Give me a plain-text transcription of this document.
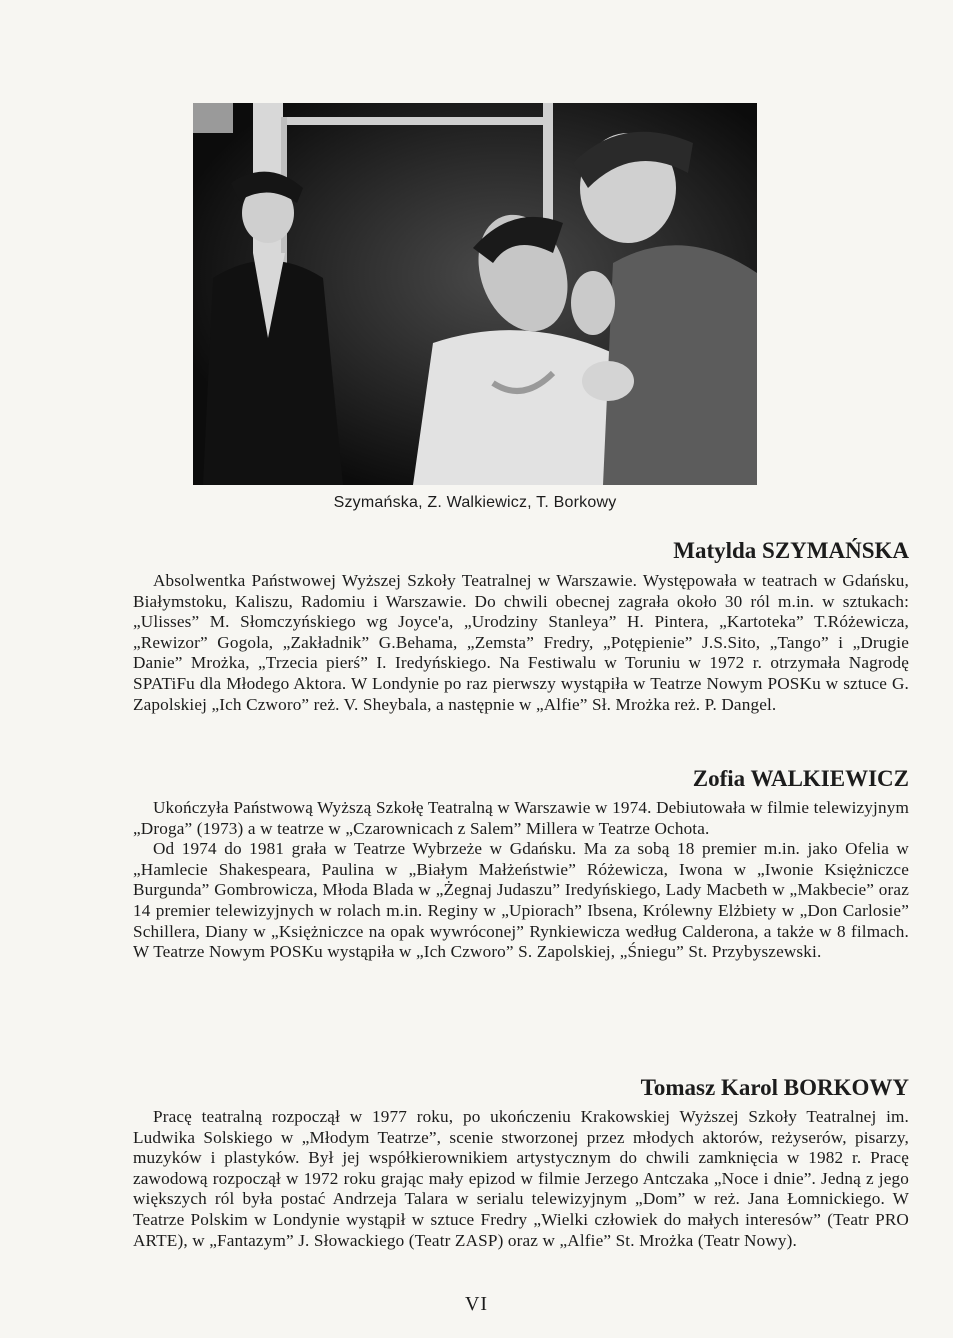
Szymańska, Z. Walkiewicz, T. Borkowy
Matylda SZYMAŃSKA

Absolwentka Państwowej Wyższej Szkoły Teatralnej w Warszawie. Występowała w teatrach w Gdańsku, Białymstoku, Kaliszu, Radomiu i Warszawie. Do chwili obecnej zagrała około 30 ról m.in. w sztukach: „Ulisses” M. Słomczyńskiego wg Joyce'a, „Urodziny Stanleya” H. Pintera, „Kartoteka” T.Różewicza, „Rewizor” Gogola, „Zakładnik” G.Behama, „Zemsta” Fredry, „Potępienie” J.S.Sito, „Tango” i „Drugie Danie” Mrożka, „Trzecia pierś” I. Iredyńskiego. Na Festiwalu w Toruniu w 1972 r. otrzymała Nagrodę SPATiFu dla Młodego Aktora. W Londynie po raz pierwszy wystąpiła w Teatrze Nowym POSKu w sztuce G. Zapolskiej „Ich Czworo” reż. V. Sheybala, a następnie w „Alfie” Sł. Mrożka reż. P. Dangel.

Zofia WALKIEWICZ

Ukończyła Państwową Wyższą Szkołę Teatralną w Warszawie w 1974. Debiutowała w filmie telewizyjnym „Droga” (1973) a w teatrze w „Czarownicach z Salem” Millera w Teatrze Ochota.

Od 1974 do 1981 grała w Teatrze Wybrzeże w Gdańsku. Ma za sobą 18 premier m.in. jako Ofelia w „Hamlecie Shakespeara, Paulina w „Białym Małżeństwie” Różewicza, Iwona w „Iwonie Księżniczce Burgunda” Gombrowicza, Młoda Blada w „Żegnaj Judaszu” Iredyńskiego, Lady Macbeth w „Makbecie” oraz 14 premier telewizyjnych w rolach m.in. Reginy w „Upiorach” Ibsena, Królewny Elżbiety w „Don Carlosie” Schillera, Diany w „Księżniczce na opak wywróconej” Rynkiewicza według Calderona, a także w 8 filmach. W Teatrze Nowym POSKu wystąpiła w „Ich Czworo” S. Zapolskiej, „Śniegu” St. Przybyszewski.

Tomasz Karol BORKOWY

Pracę teatralną rozpoczął w 1977 roku, po ukończeniu Krakowskiej Wyższej Szkoły Teatralnej im. Ludwika Solskiego w „Młodym Teatrze”, scenie stworzonej przez młodych aktorów, reżyserów, pisarzy, muzyków i plastyków. Był jej współkierownikiem artystycznym do chwili zamknięcia w 1982 r. Pracę zawodową rozpoczął w 1972 roku grając mały epizod w filmie Jerzego Antczaka „Noce i dnie”. Jedną z jego większych ról była postać Andrzeja Talara w serialu telewizyjnym „Dom” w reż. Jana Łomnickiego. W Teatrze Polskim w Londynie wystąpił w sztuce Fredry „Wielki człowiek do małych interesów” (Teatr PRO ARTE), w „Fantazym” J. Słowackiego (Teatr ZASP) oraz w „Alfie” St. Mrożka (Teatr Nowy).

VI
